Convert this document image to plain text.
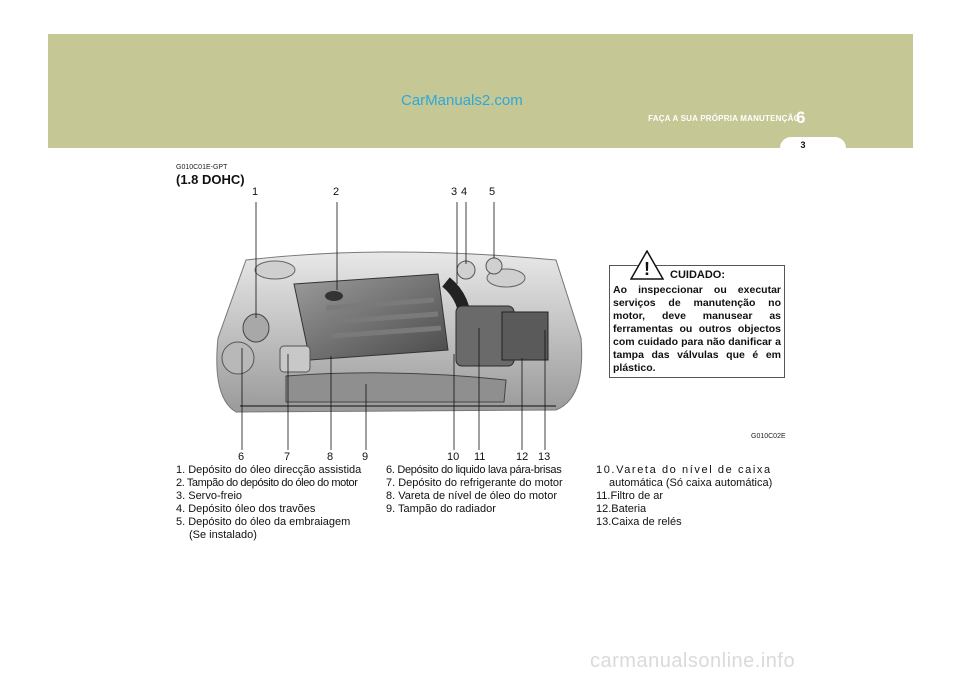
CarManuals2.com
FAÇA A SUA PRÓPRIA MANUTENÇÃO
6
3
G010C01E-GPT
(1.8 DOHC)
1	2	3 4 5
6	7	8	9	10 11	12 13
1. Depósito do óleo direcção assistida
2. Tampão do depósito do óleo do motor
3. Servo-freio
4. Depósito óleo dos travões
5. Depósito do óleo da embraiagem
(Se instalado)
6. Depósito do liquido lava pára-brisas
7. Depósito do refrigerante do motor
8. Vareta de nível de óleo do motor
9. Tampão do radiador
10.Vareta do nível de caixa
automática (Só caixa automática)
11.Filtro de ar
12.Bateria
13.Caixa de relés
CUIDADO:
Ao inspeccionar ou executar serviços de manutenção no motor, deve manusear as ferramentas ou outros objectos com cuidado para não danificar a tampa das válvulas que é em plástico.
!
G010C02E
carmanualsonline.info
